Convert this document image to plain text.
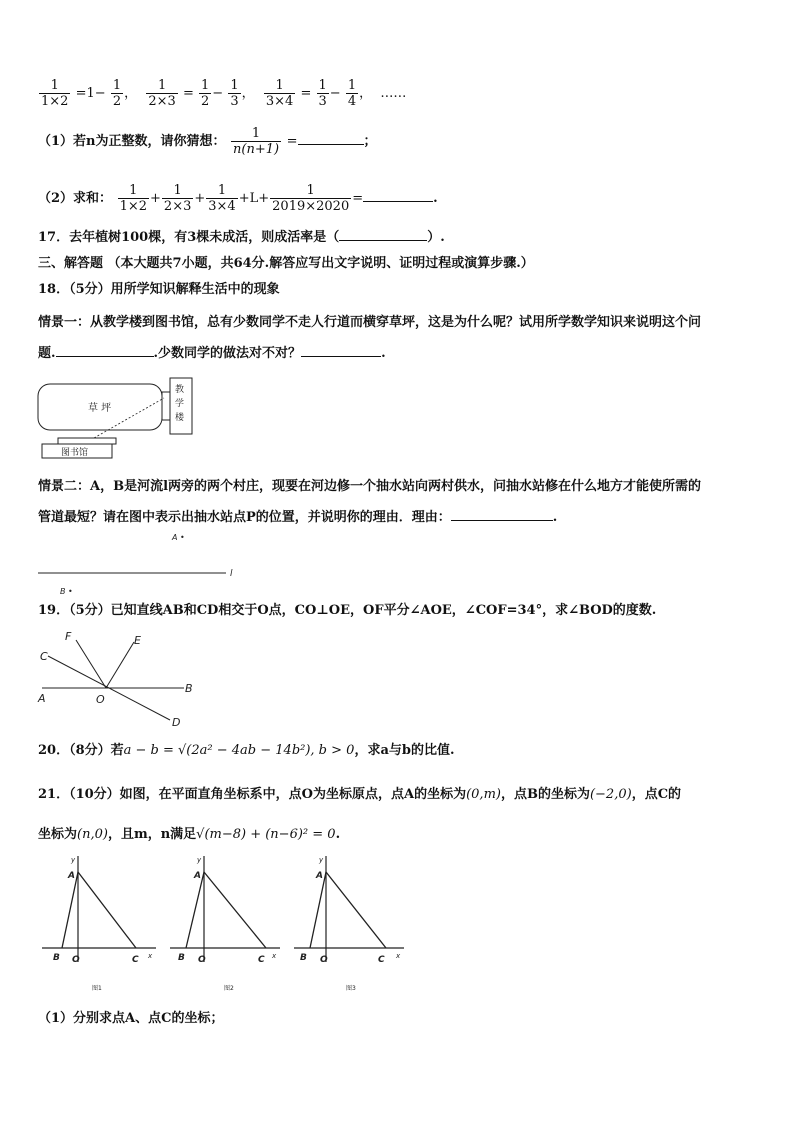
$\frac{1}{1\times 2} =1- \frac{1}{2}$ ， $\frac{1}{2\times 3} = \frac{1}{2} - \frac{1}{3}$ ， $\frac{1}{3\times 4} = \frac{1}{3} - \frac{1}{4}$ ，  ……
（1）若n为正整数，请你猜想： $\frac{1}{n(n+1)}$ =	；
（2）求和： $\frac{1}{1\times 2} + \frac{1}{2\times 3} + \frac{1}{3\times 4} +L+ \frac{1}{2019\times 2020}$ =	.
17．去年植树100棵，有3棵未成活，则成活率是（	）.
三、解答题 （本大题共7小题，共64分.解答应写出文字说明、证明过程或演算步骤.）
18．（5分）用所学知识解释生活中的现象
情景一：从教学楼到图书馆，总有少数同学不走人行道而横穿草坪，这是为什么呢？试用所学数学知识来说明这个问
题.	.少数同学的做法对不对？	.
草 坪
教
学
楼
图书馆
情景二：A，B是河流l两旁的两个村庄，现要在河边修一个抽水站向两村供水，问抽水站修在什么地方才能使所需的
管道最短？请在图中表示出抽水站点P的位置，并说明你的理由．理由：	.
A •
l
B •
19．（5分）已知直线AB和CD相交于O点，CO⊥OE，OF平分∠AOE，∠COF=34°，求∠BOD的度数.
F	E
C
A	O
B
D
20．（8分）若a − b = √(2a² − 4ab − 14b²), b > 0，求a与b的比值.
21．（10分）如图，在平面直角坐标系中，点O为坐标原点，点A的坐标为(0,m)，点B的坐标为(−2,0)，点C的
坐标为(n,0)，且m，n满足√(m−8) + (n−6)² = 0.
y
A
B O	C x
图1
y
A
B O	C x
图2
y
A
B O	C x
图3
（1）分别求点A、点C的坐标；
